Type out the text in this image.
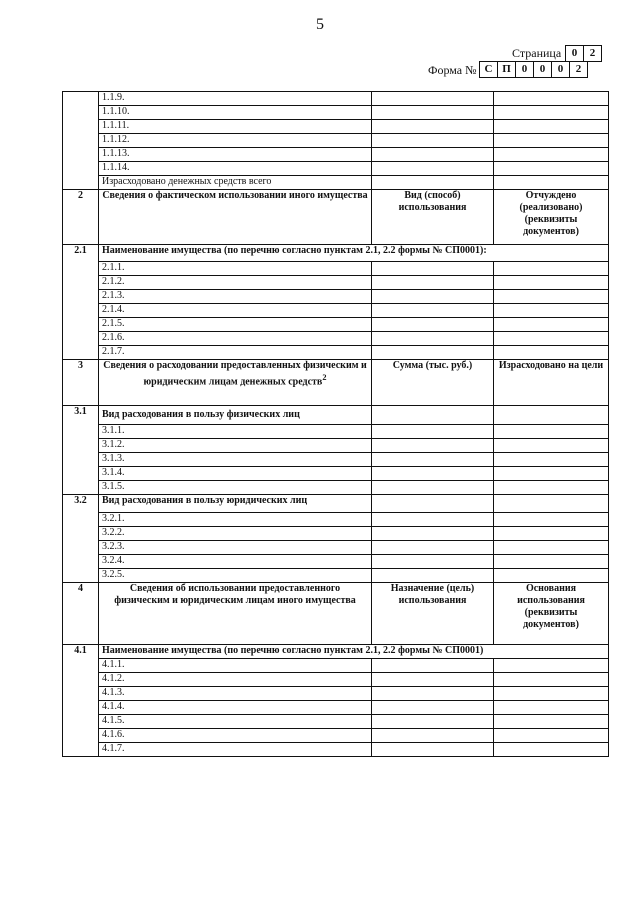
5
Страница 0	2
Форма № С П 0	0	0	2
	1.1.9.		
	1.1.10.		
	1.1.11.		
	1.1.12.		
	1.1.13.		
	1.1.14.		
	Израсходовано денежных средств всего		
2	Сведения о фактическом использовании иного имущества	Вид (способ) использования	Отчуждено (реализовано) (реквизиты документов)
2.1	Наименование имущества (по перечню согласно пунктам 2.1, 2.2 формы № СП0001):		
	2.1.1.		
	2.1.2.		
	2.1.3.		
	2.1.4.		
	2.1.5.		
	2.1.6.		
	2.1.7.		
3	Сведения о расходовании предоставленных физическим и юридическим лицам денежных средств$^2$	Сумма (тыс. руб.)	Израсходовано на цели
3.1	Вид расходования в пользу физических лиц		
	3.1.1.		
	3.1.2.		
	3.1.3.		
	3.1.4.		
	3.1.5.		
3.2	Вид расходования в пользу юридических лиц		
	3.2.1.		
	3.2.2.		
	3.2.3.		
	3.2.4.		
	3.2.5.		
4	Сведения об использовании предоставленного физическим и юридическим лицам иного имущества	Назначение (цель) использования	Основания использования (реквизиты документов)
4.1	Наименование имущества (по перечню согласно пунктам 2.1, 2.2 формы № СП0001)		
	4.1.1.		
	4.1.2.		
	4.1.3.		
	4.1.4.		
	4.1.5.		
	4.1.6.		
	4.1.7.		
